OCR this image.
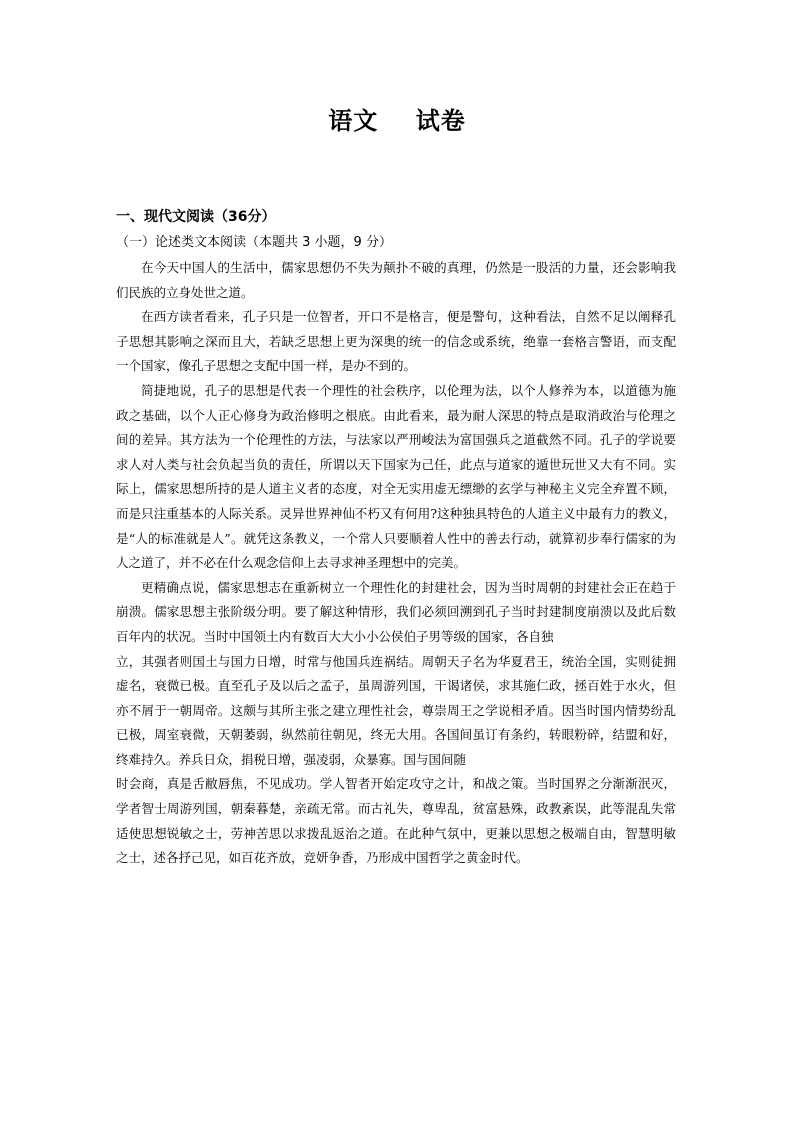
语文    试卷
一、现代文阅读（36分）
（一）论述类文本阅读（本题共 3 小题，9 分）

在今天中国人的生活中，儒家思想仍不失为颠扑不破的真理，仍然是一股活的力量，还会影响我们民族的立身处世之道。

在西方读者看来，孔子只是一位智者，开口不是格言，便是警句，这种看法，自然不足以阐释孔子思想其影响之深而且大，若缺乏思想上更为深奥的统一的信念或系统，绝靠一套格言警语，而支配一个国家，像孔子思想之支配中国一样，是办不到的。

简捷地说，孔子的思想是代表一个理性的社会秩序，以伦理为法，以个人修养为本，以道德为施政之基础，以个人正心修身为政治修明之根底。由此看来，最为耐人深思的特点是取消政治与伦理之间的差异。其方法为一个伦理性的方法，与法家以严刑峻法为富国强兵之道截然不同。孔子的学说要求人对人类与社会负起当负的责任，所谓以天下国家为己任，此点与道家的遁世玩世又大有不同。实际上，儒家思想所持的是人道主义者的态度，对全无实用虚无缥缈的玄学与神秘主义完全弃置不顾，而是只注重基本的人际关系。灵异世界神仙不朽又有何用?这种独具特色的人道主义中最有力的教义，是“人的标准就是人”。就凭这条教义，一个常人只要顺着人性中的善去行动，就算初步奉行儒家的为人之道了，并不必在什么观念信仰上去寻求神圣理想中的完美。

更精确点说，儒家思想志在重新树立一个理性化的封建社会，因为当时周朝的封建社会正在趋于崩溃。儒家思想主张阶级分明。要了解这种情形，我们必须回溯到孔子当时封建制度崩溃以及此后数百年内的状况。当时中国领土内有数百大大小小公侯伯子男等级的国家，各自独

立，其强者则国土与国力日增，时常与他国兵连祸结。周朝天子名为华夏君王，统治全国，实则徒拥虚名，衰微已极。直至孔子及以后之孟子，虽周游列国，干谒诸侯，求其施仁政，拯百姓于水火，但亦不屑于一朝周帝。这颇与其所主张之建立理性社会，尊崇周王之学说相矛盾。因当时国内情势纷乱已极，周室衰微，天朝萎弱，纵然前往朝见，终无大用。各国间虽订有条约，转眼粉碎，结盟和好，终难持久。养兵日众，捐税日增，强凌弱，众暴寡。国与国间随

时会商，真是舌敝唇焦，不见成功。学人智者开始定攻守之计，和战之策。当时国界之分渐渐泯灭，学者智士周游列国，朝秦暮楚，亲疏无常。而古礼失，尊卑乱，贫富悬殊，政教紊误，此等混乱失常适使思想锐敏之士，劳神苦思以求拨乱返治之道。在此种气氛中，更兼以思想之极端自由，智慧明敏之士，述各抒己见，如百花齐放，竞妍争香，乃形成中国哲学之黄金时代。
